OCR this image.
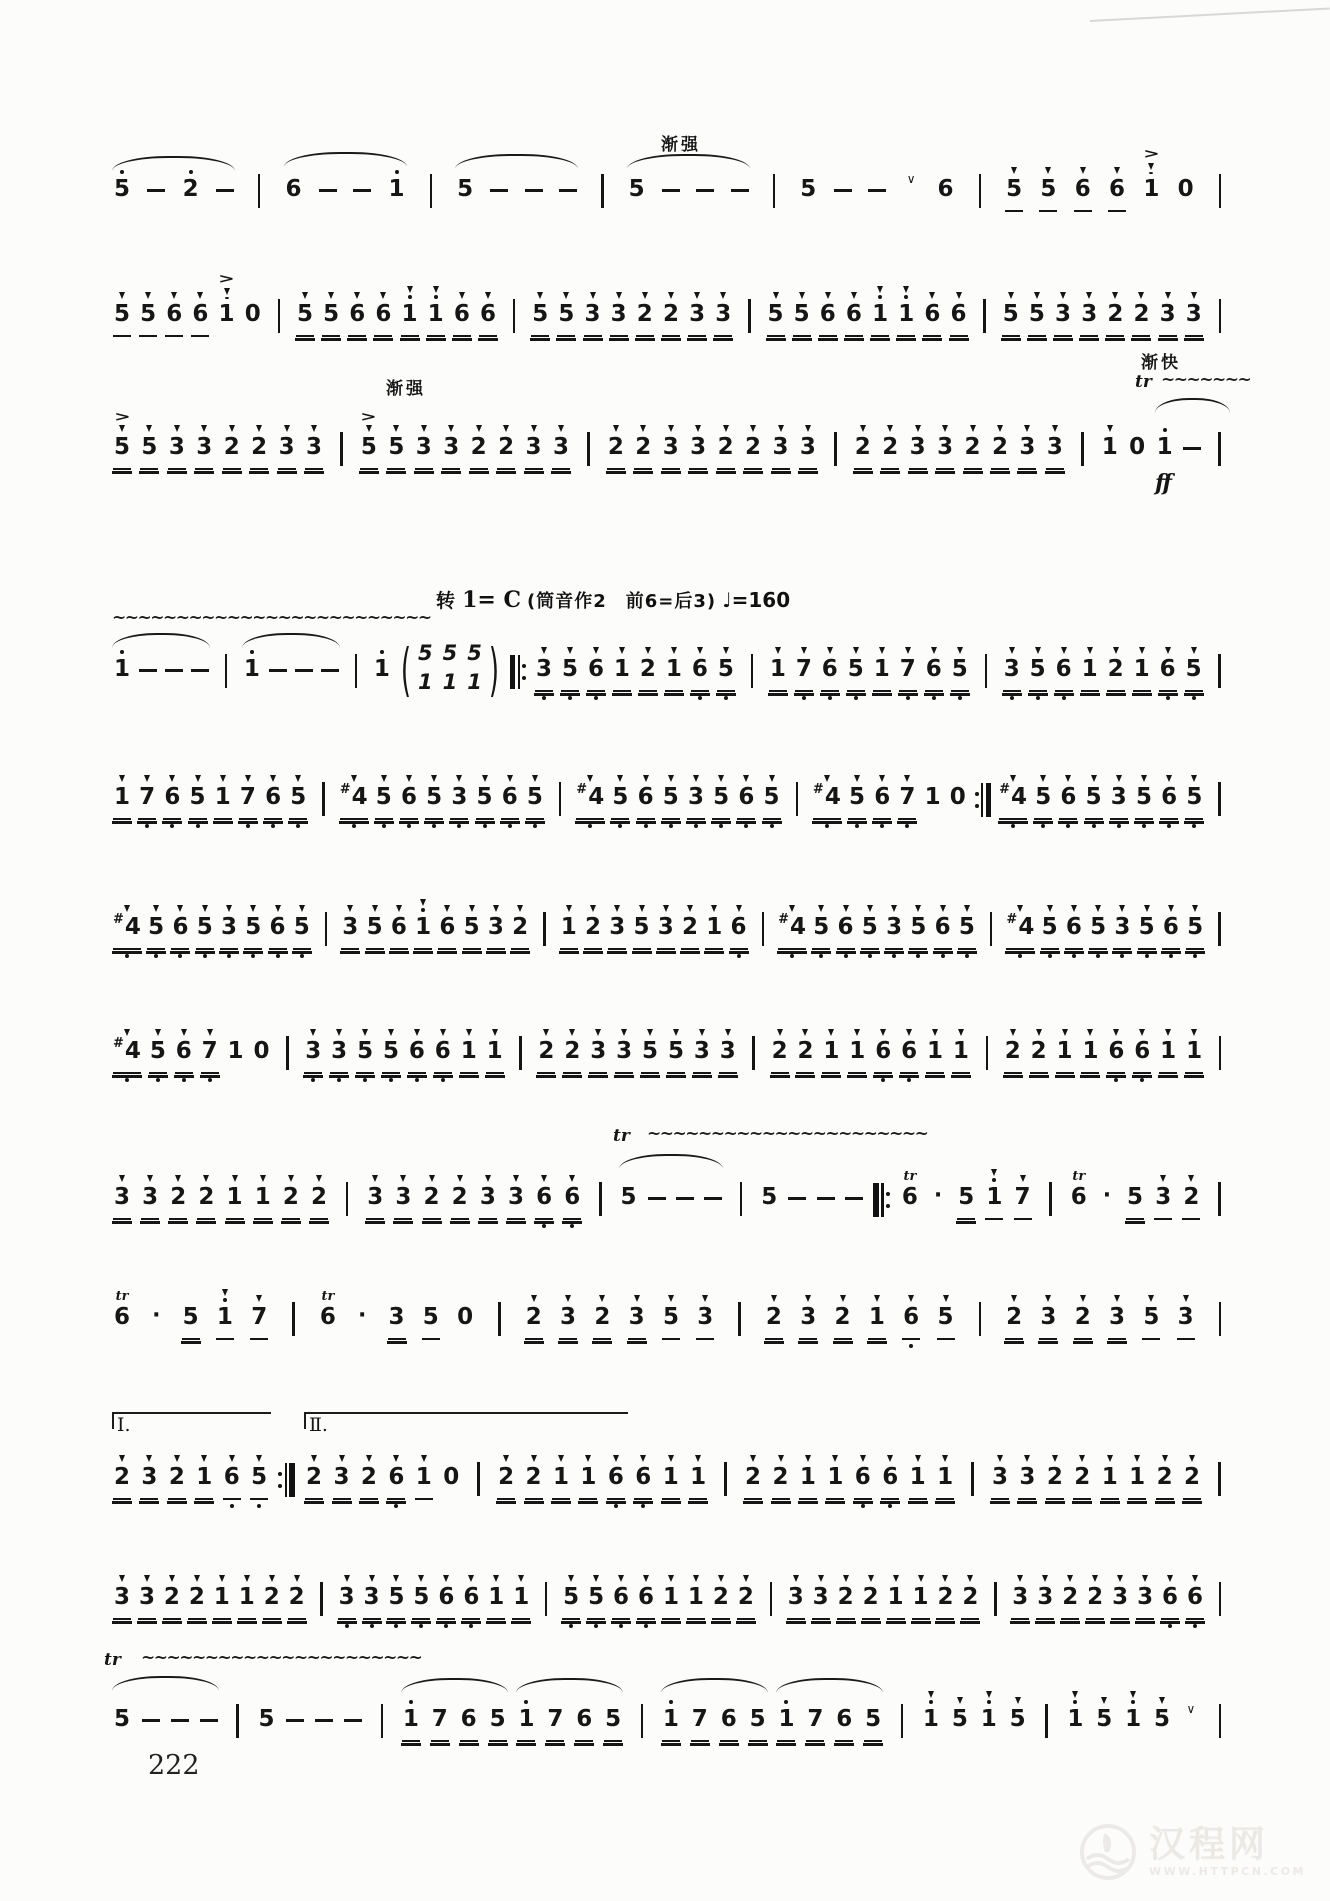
5 2	6	1 5	5	5	∨ 6 5 5 6 6
>
1 0
渐强
5 5 6 6
>
1 0 5 5 6 6 1 1 6 6 5 5 3 3 2 2 3 3 5 5 6 6 1 1 6 6 5 5 3 3 2 2 3 3
>
5 5 3 3 2 2 3 3
>
5 5 3 3 2 2 3 3 2 2 3 3 2 2 3 3 2 2 3 3 2 2 3 3 1 0 1
渐强
渐快
tr ~~~~~~~
ff
1	1	1 ( 5
1
5
1
5
1 ) 3 5 6 1 2 1 6 5 1 7 6 5 1 7 6 5 3 5 6 1 2 1 6 5
~~~~~~~~~~~~~~~~~~~~~~~~~
1 7 6 5 1 7 6 5	# 4 5 6 5 3 5 6 5	# 4 5 6 5 3 5 6 5	# 4 5 6 7 1 0	# 4 5 6 5 3 5 6 5
# 4 5 6 5 3 5 6 5 3 5 6 1 6 5 3 2 1 2 3 5 3 2 1 6 # 4 5 6 5 3 5 6 5 # 4 5 6 5 3 5 6 5
# 4 5 6 7 1 0 3 3 5 5 6 6 1 1 2 2 3 3 5 5 3 3 2 2 1 1 6 6 1 1 2 2 1 1 6 6 1 1
3 3 2 2 1 1 2 2 3 3 2 2 3 3 6 6 5	5
tr
6 · 5 1 7
tr
6 · 5 3 2
tr ~~~~~~~~~~~~~~~~~~~~~~
tr
6 · 5 1 7
tr
6 · 3 5 0 2 3 2 3 5 3 2 3 2 1 6 5 2 3 2 3 5 3
2 3 2 1 6 5 2 3 2 6 1 0 2 2 1 1 6 6 1 1 2 2 1 1 6 6 1 1 3 3 2 2 1 1 2 2
Ⅰ.	Ⅱ.
3 3 2 2 1 1 2 2 3 3 5 5 6 6 1 1 5 5 6 6 1 1 2 2 3 3 2 2 1 1 2 2 3 3 2 2 3 3 6 6
5	5	1 7 6 5 1 7 6 5 1 7 6 5 1 7 6 5 1 5 1 5 1 5 1 5 ∨
tr ~~~~~~~~~~~~~~~~~~~~~~
转 1= C (筒音作2　前6=后3) ♩=160
222
汉程网
WWW.HTTPCN.COM
